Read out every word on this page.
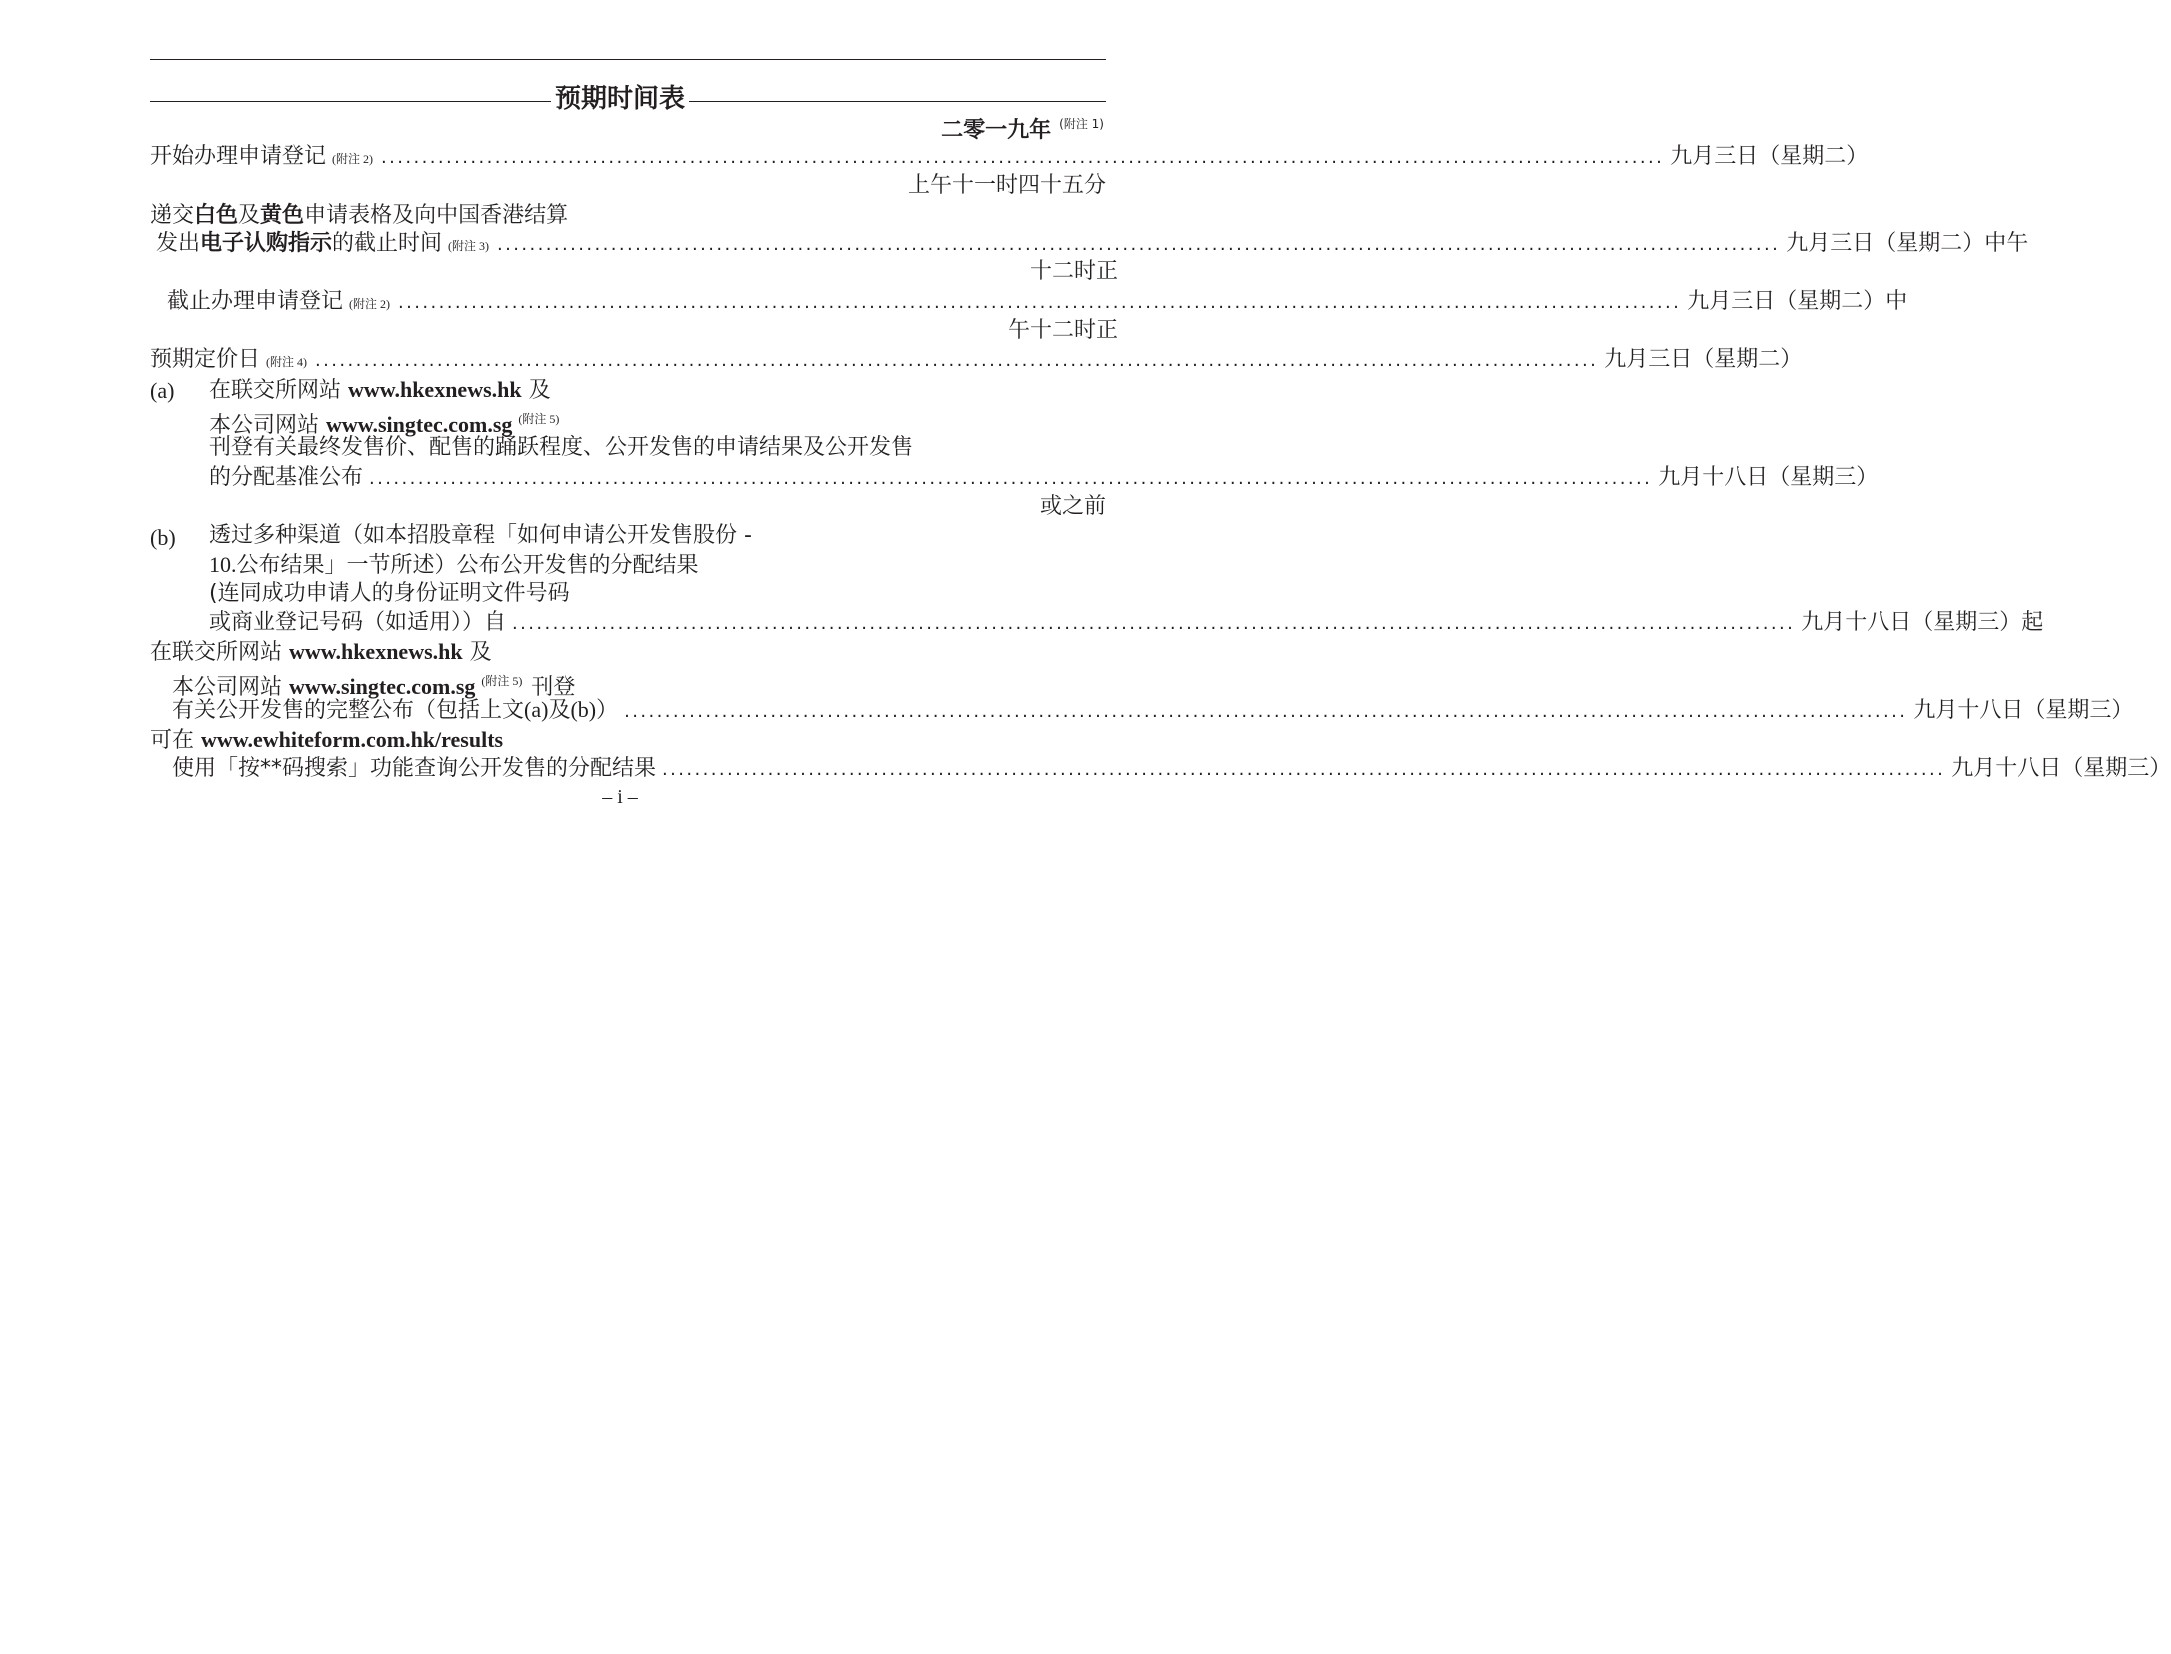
预期时间表
二零一九年 $^{(附注 1)}$
开始办理申请登记 (附注 2) .............................................................................................................................................................. 九月三日（星期二）
上午十一时四十五分
递交白色及黄色申请表格及向中国香港结算
发出 电子认购指示 的截止时间 (附注 3) .............................................................................................................................................................. 九月三日（星期二）中午
十二时正
截止办理申请登记 (附注 2) .............................................................................................................................................................. 九月三日（星期二）中
午十二时正
预期定价日 (附注 4) .............................................................................................................................................................. 九月三日（星期二）
(a) 在联交所网站 www.hkexnews.hk 及
本公司网站 www.singtec.com.sg $^{(附注 5)}$
刊登有关最终发售价、配售的踊跃程度、公开发售的申请结果及公开发售
的分配基准公布 .............................................................................................................................................................. 九月十八日（星期三）
或之前
(b) 透过多种渠道（如本招股章程「如何申请公开发售股份 -
10.公布结果」一节所述）公布公开发售的分配结果
(连同成功申请人的身份证明文件号码
或商业登记号码（如适用））自 .............................................................................................................................................................. 九月十八日（星期三）起
在联交所网站 www.hkexnews.hk 及
本公司网站 www.singtec.com.sg $^{(附注 5)}$ 刊登
有关公开发售的完整公布（包括上文(a)及(b)） .............................................................................................................................................................. 九月十八日（星期三）
可在 www.ewhiteform.com.hk/results
使用「按**码搜索」功能查询公开发售的分配结果 .............................................................................................................................................................. 九月十八日（星期三）
– i –
